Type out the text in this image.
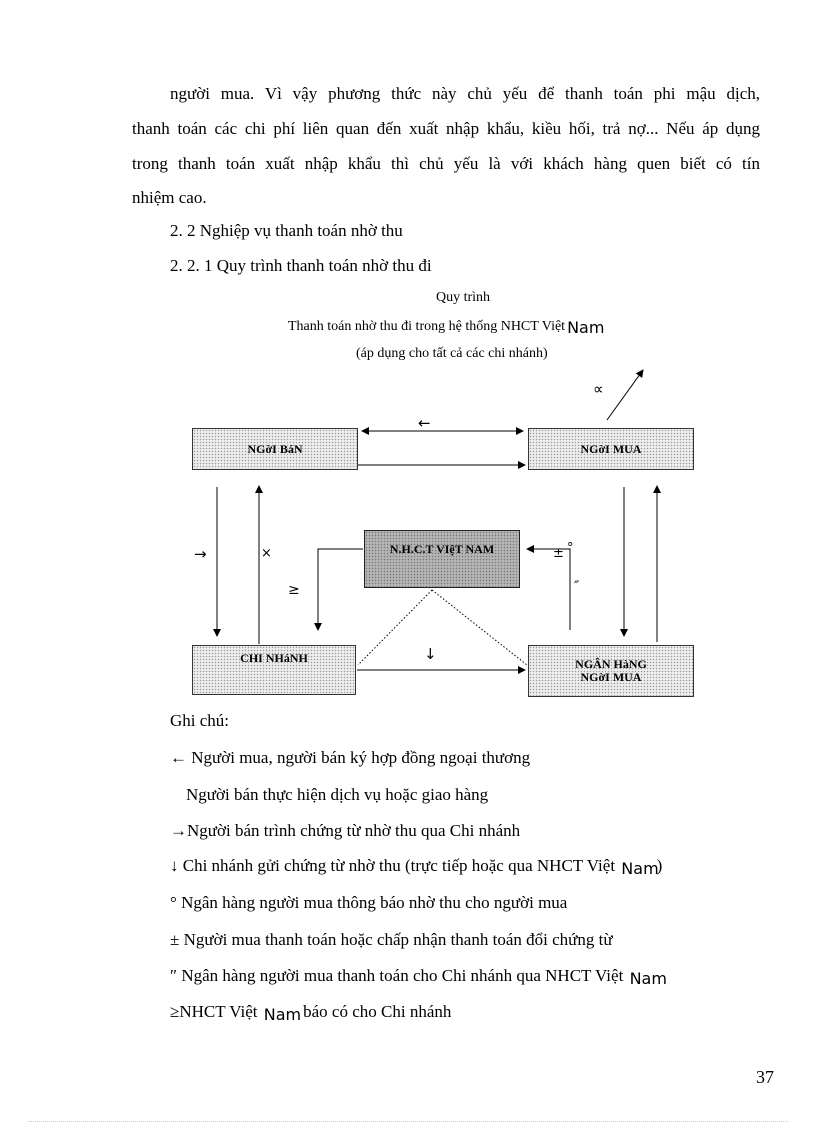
người mua. Vì vậy phương thức này chủ yếu để thanh toán phi mậu dịch,
thanh toán các chi phí liên quan đến xuất nhập khẩu, kiều hối, trả nợ... Nếu áp dụng
trong thanh toán xuất nhập khẩu thì chủ yếu là với khách hàng quen biết có tín
nhiệm cao.
2. 2 Nghiệp vụ thanh toán nhờ thu
2. 2. 1 Quy trình thanh toán nhờ thu đi
Quy trình
Thanh toán nhờ thu đi trong hệ thống NHCT Việt Nam
(áp dụng cho tất cả các chi nhánh)
NGờI BáN	NGờI MUA
N.H.C.T VIệT NAM
CHI NHáNH	NGÂN HàNG
NGờI MUA
←
∝
→	×
≥
± °
″
↓
Ghi chú:
← Người mua, người bán ký hợp đồng ngoại thương
Người bán thực hiện dịch vụ hoặc giao hàng
→Người bán trình chứng từ nhờ thu qua Chi nhánh
↓ Chi nhánh gửi chứng từ nhờ thu (trực tiếp hoặc qua NHCT Việt Nam)
° Ngân hàng người mua thông báo nhờ thu cho người mua
± Người mua thanh toán hoặc chấp nhận thanh toán đổi chứng từ
″ Ngân hàng người mua thanh toán cho Chi nhánh qua NHCT Việt Nam
≥NHCT Việt Nam báo có cho Chi nhánh
37
